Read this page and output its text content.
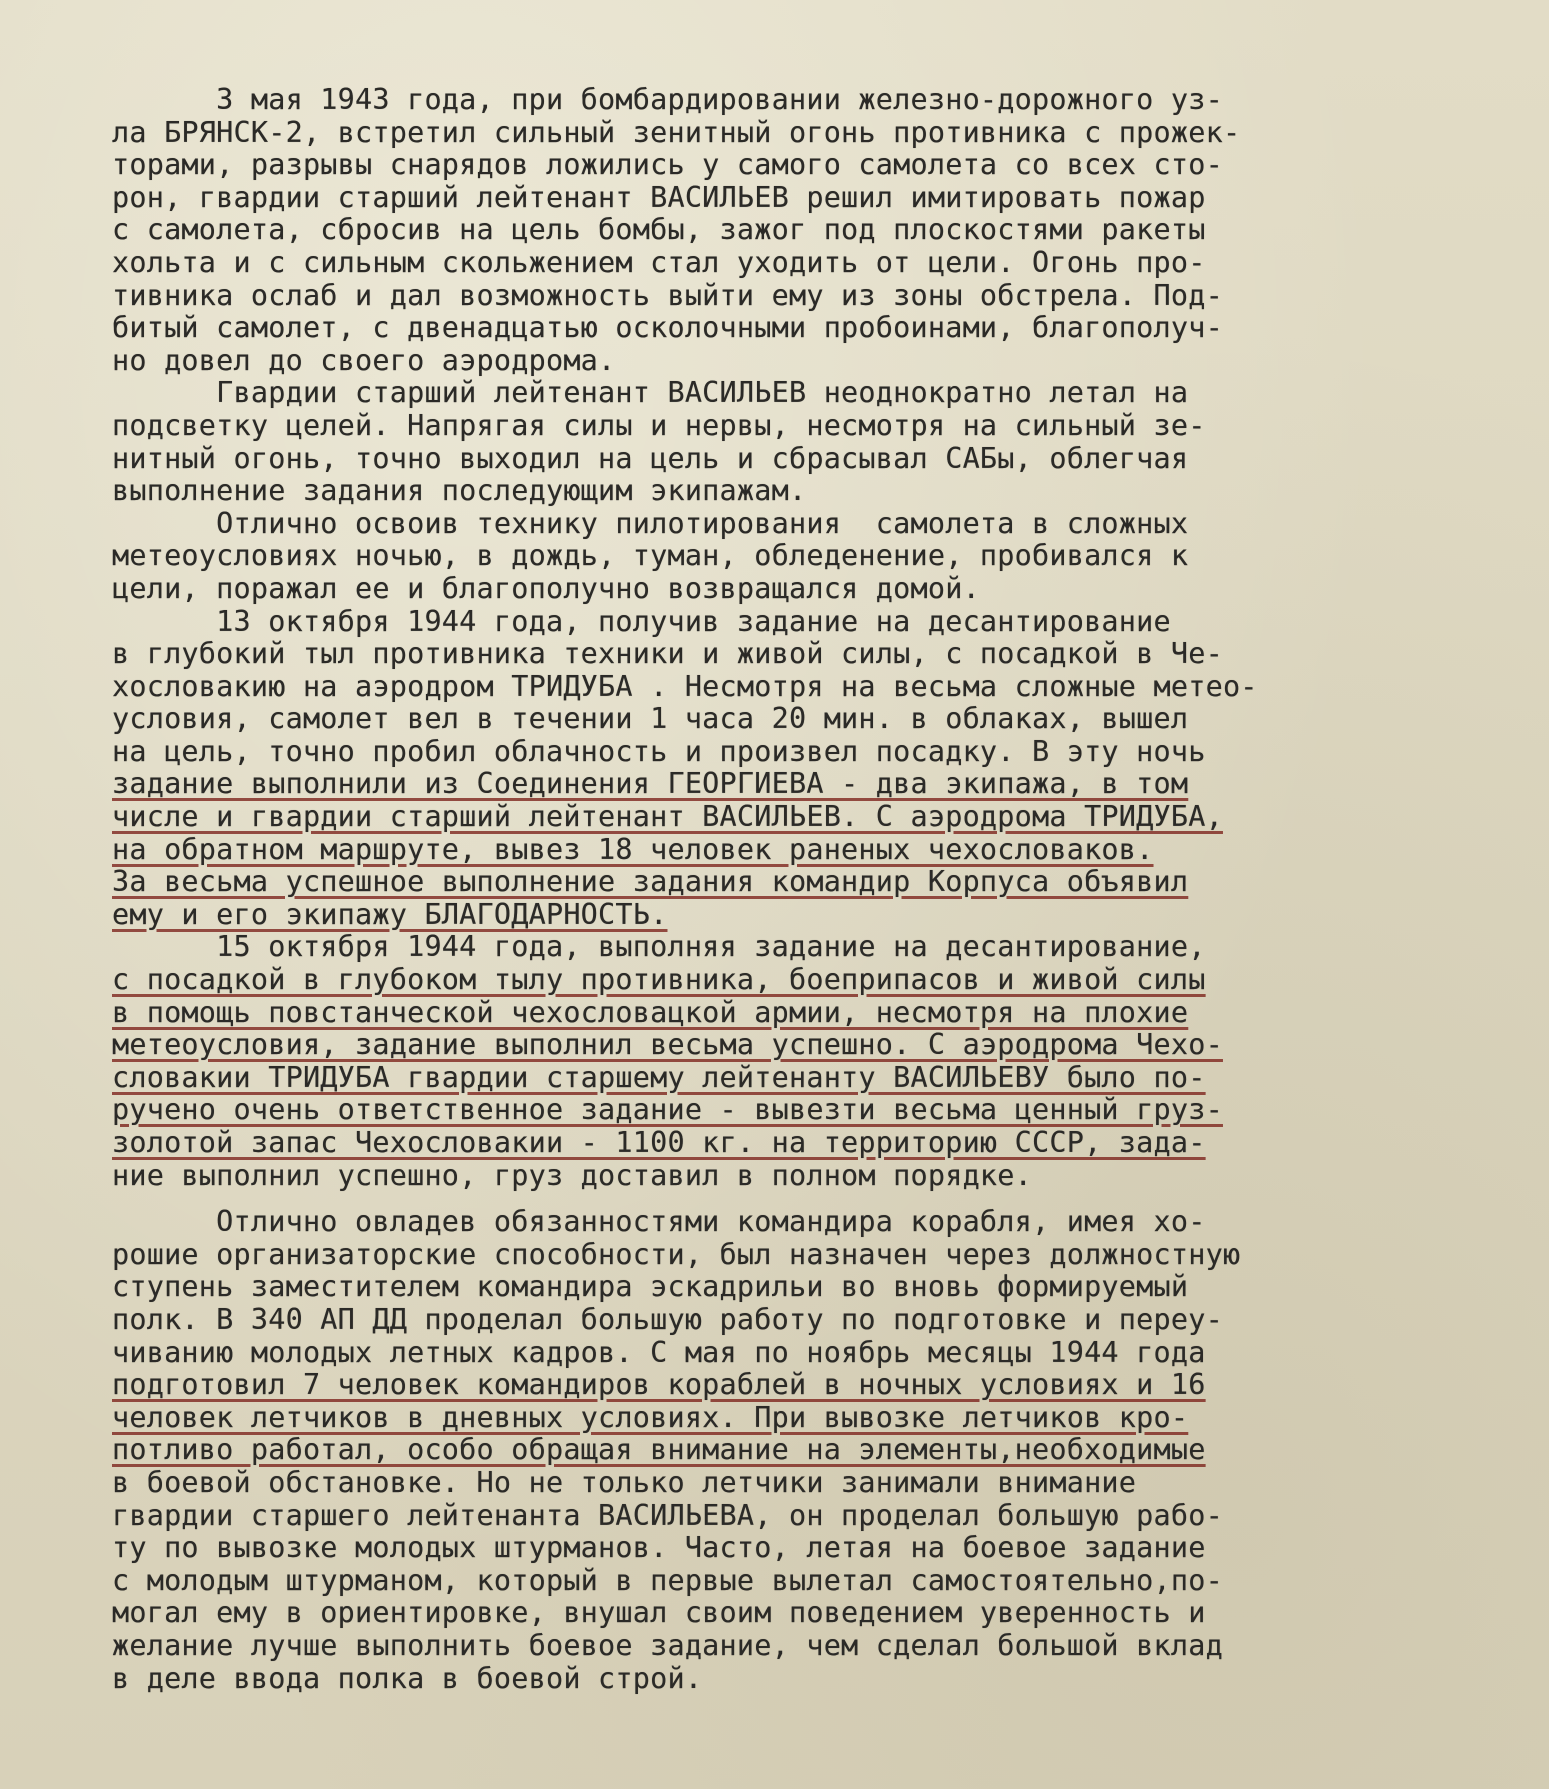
3 мая 1943 года, при бомбардировании железно-дорожного уз-
ла БРЯНСК-2, встретил сильный зенитный огонь противника с прожек-
торами, разрывы снарядов ложились у самого самолета со всех сто-
рон, гвардии старший лейтенант ВАСИЛЬЕВ решил имитировать пожар
с самолета, сбросив на цель бомбы, зажог под плоскостями ракеты
хольта и с сильным скольжением стал уходить от цели. Огонь про-
тивника ослаб и дал возможность выйти ему из зоны обстрела. Под-
битый самолет, с двенадцатью осколочными пробоинами, благополуч-
но довел до своего аэродрома.
Гвардии старший лейтенант ВАСИЛЬЕВ неоднократно летал на
подсветку целей. Напрягая силы и нервы, несмотря на сильный зе-
нитный огонь, точно выходил на цель и сбрасывал САБы, облегчая
выполнение задания последующим экипажам.
Отлично освоив технику пилотирования  самолета в сложных
метеоусловиях ночью, в дождь, туман, обледенение, пробивался к
цели, поражал ее и благополучно возвращался домой.
13 октября 1944 года, получив задание на десантирование
в глубокий тыл противника техники и живой силы, с посадкой в Че-
хословакию на аэродром ТРИДУБА . Несмотря на весьма сложные метео-
условия, самолет вел в течении 1 часа 20 мин. в облаках, вышел
на цель, точно пробил облачность и произвел посадку. В эту ночь
задание выполнили из Соединения ГЕОРГИЕВА - два экипажа, в том
числе и гвардии старший лейтенант ВАСИЛЬЕВ. С аэродрома ТРИДУБА,
на обратном маршруте, вывез 18 человек раненых чехословаков.
За весьма успешное выполнение задания командир Корпуса объявил
ему и его экипажу БЛАГОДАРНОСТЬ.
15 октября 1944 года, выполняя задание на десантирование,
с посадкой в глубоком тылу противника, боеприпасов и живой силы
в помощь повстанческой чехословацкой армии, несмотря на плохие
метеоусловия, задание выполнил весьма успешно. С аэродрома Чехо-
словакии ТРИДУБА гвардии старшему лейтенанту ВАСИЛЬЕВУ было по-
ручено очень ответственное задание - вывезти весьма ценный груз-
золотой запас Чехословакии - 1100 кг. на территорию СССР, зада-
ние выполнил успешно, груз доставил в полном порядке.
Отлично овладев обязанностями командира корабля, имея хо-
рошие организаторские способности, был назначен через должностную
ступень заместителем командира эскадрильи во вновь формируемый
полк. В 340 АП ДД проделал большую работу по подготовке и переу-
чиванию молодых летных кадров. С мая по ноябрь месяцы 1944 года
подготовил 7 человек командиров кораблей в ночных условиях и 16
человек летчиков в дневных условиях. При вывозке летчиков кро-
потливо работал, особо обращая внимание на элементы,необходимые
в боевой обстановке. Но не только летчики занимали внимание
гвардии старшего лейтенанта ВАСИЛЬЕВА, он проделал большую рабо-
ту по вывозке молодых штурманов. Часто, летая на боевое задание
с молодым штурманом, который в первые вылетал самостоятельно,по-
могал ему в ориентировке, внушал своим поведением уверенность и
желание лучше выполнить боевое задание, чем сделал большой вклад
в деле ввода полка в боевой строй.
